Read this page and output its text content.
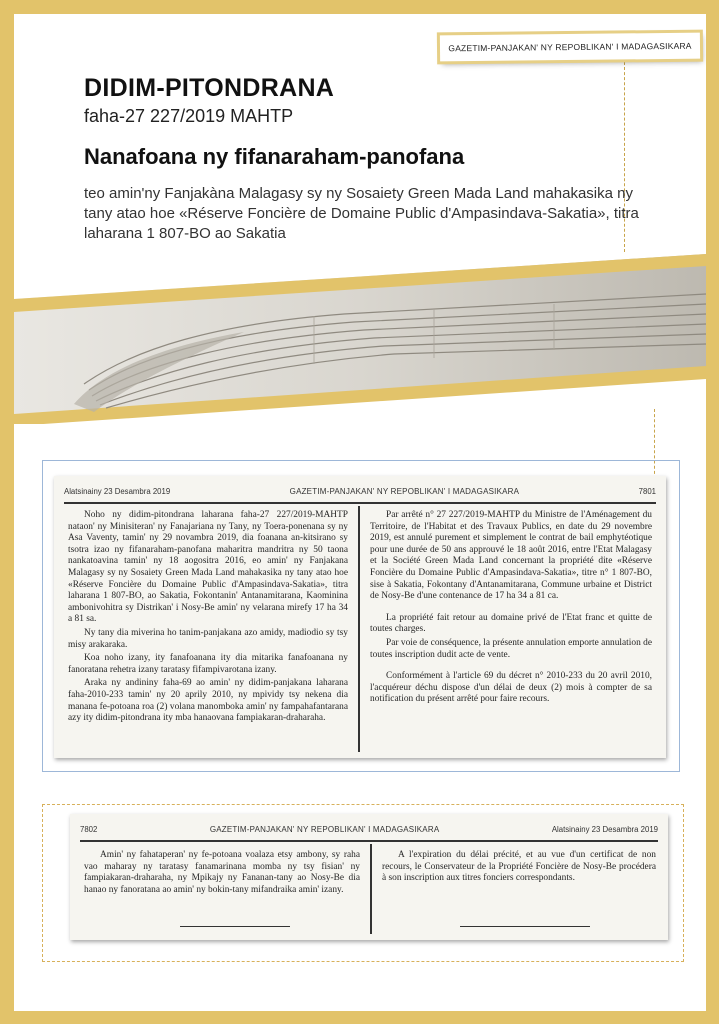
GAZETIM-PANJAKAN' NY REPOBLIKAN' I MADAGASIKARA
DIDIM-PITONDRANA
faha-27 227/2019 MAHTP
Nanafoana ny fifanaraham-panofana
teo amin'ny Fanjakàna Malagasy sy ny Sosaiety Green Mada Land mahakasika ny tany atao hoe «Réserve Foncière de Domaine Public d'Ampasindava-Sakatia», titra laharana 1 807-BO ao Sakatia
Alatsinainy 23 Desambra 2019	GAZETIM-PANJAKAN' NY REPOBLIKAN' I MADAGASIKARA	7801

Noho ny didim-pitondrana laharana faha-27 227/2019-MAHTP nataon' ny Minisiteran' ny Fanajariana ny Tany, ny Toera-ponenana sy ny Asa Vaventy, tamin' ny 29 novambra 2019, dia foanana an-kitsirano sy tsotra izao ny fifanaraham-panofana maharitra mandritra ny 50 taona nankatoavina tamin' ny 18 aogositra 2016, eo amin' ny Fanjakana Malagasy sy ny Sosaiety Green Mada Land mahakasika ny tany atao hoe «Réserve Foncière du Domaine Public d'Ampasindava-Sakatia», titra laharana 1 807-BO, ao Sakatia, Fokontanin' Antanamitarana, Kaominina ambonivohitra sy Distrikan' i Nosy-Be amin' ny velarana mirefy 17 ha 34 a 81 sa.

Ny tany dia miverina ho tanim-panjakana azo amidy, madiodio sy tsy misy arakaraka.

Koa noho izany, ity fanafoanana ity dia mitarika fanafoanana ny fanoratana rehetra izany taratasy fifampivarotana izany.

Araka ny andininy faha-69 ao amin' ny didim-panjakana laharana faha-2010-233 tamin' ny 20 aprily 2010, ny mpividy tsy nekena dia manana fe-potoana roa (2) volana manomboka amin' ny fampahafantarana azy ity didim-pitondrana ity mba hanaovana fampiakaran-draharaha.

Par arrêté n° 27 227/2019-MAHTP du Ministre de l'Aménagement du Territoire, de l'Habitat et des Travaux Publics, en date du 29 novembre 2019, est annulé purement et simplement le contrat de bail emphytéotique pour une durée de 50 ans approuvé le 18 août 2016, entre l'Etat Malagasy et la Société Green Mada Land concernant la propriété dite «Réserve Foncière du Domaine Public d'Ampasindava-Sakatia», titre n° 1 807-BO, sise à Sakatia, Fokontany d'Antanamitarana, Commune urbaine et District de Nosy-Be d'une contenance de 17 ha 34 a 81 ca.

La propriété fait retour au domaine privé de l'Etat franc et quitte de toutes charges.

Par voie de conséquence, la présente annulation emporte annulation de toutes inscription dudit acte de vente.

Conformément à l'article 69 du décret n° 2010-233 du 20 avril 2010, l'acquéreur déchu dispose d'un délai de deux (2) mois à compter de sa notification du présent arrêté pour faire recours.

7802	GAZETIM-PANJAKAN' NY REPOBLIKAN' I MADAGASIKARA	Alatsinainy 23 Desambra 2019

Amin' ny fahataperan' ny fe-potoana voalaza etsy ambony, sy raha vao maharay ny taratasy fanamarinana momba ny tsy fisian' ny fampiakaran-draharaha, ny Mpikajy ny Fananan-tany ao Nosy-Be dia hanao ny fanoratana ao amin' ny bokin-tany mifandraika amin' izany.

A l'expiration du délai précité, et au vue d'un certificat de non recours, le Conservateur de la Propriété Foncière de Nosy-Be procédera à son inscription aux titres fonciers correspondants.
